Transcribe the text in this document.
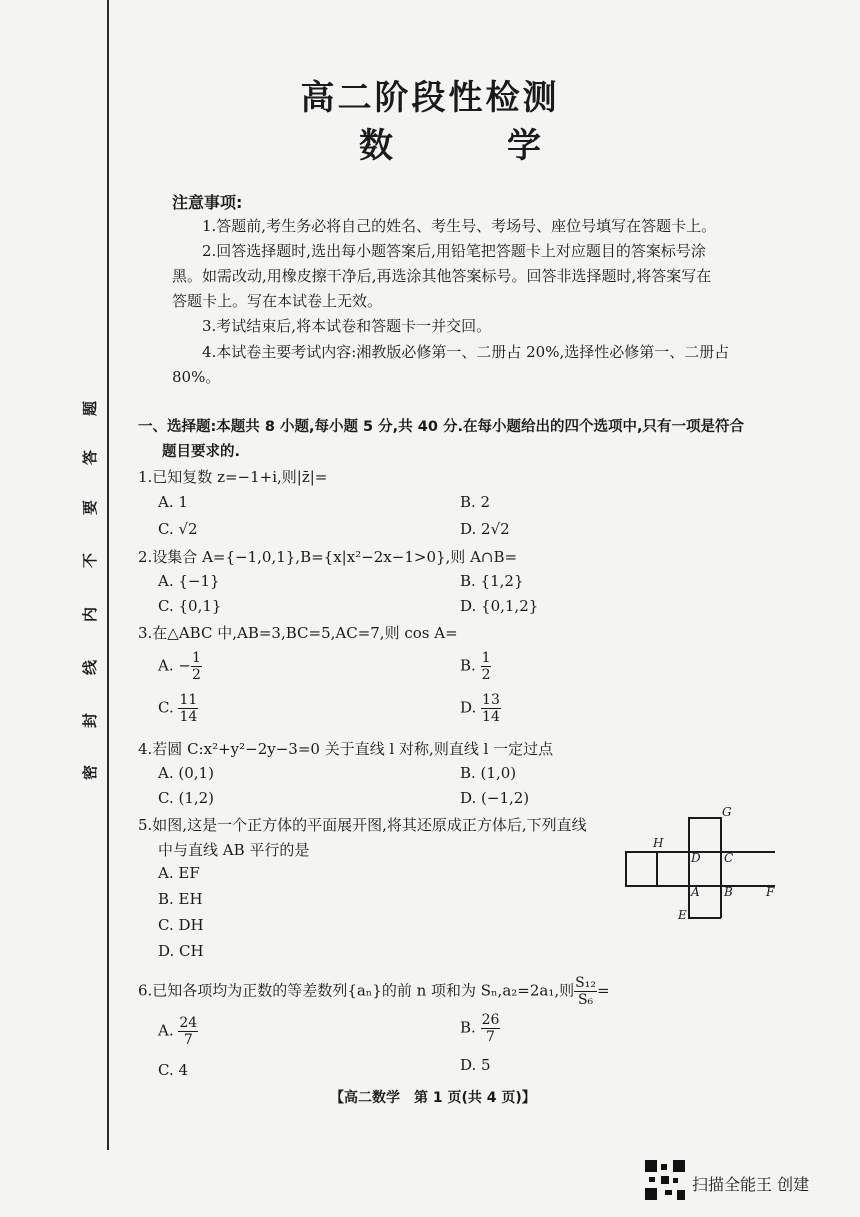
题
答
要
不
内
线
封
密
高二阶段性检测
数　学
注意事项:
1.答题前,考生务必将自己的姓名、考生号、考场号、座位号填写在答题卡上。
2.回答选择题时,选出每小题答案后,用铅笔把答题卡上对应题目的答案标号涂
黑。如需改动,用橡皮擦干净后,再选涂其他答案标号。回答非选择题时,将答案写在
答题卡上。写在本试卷上无效。
3.考试结束后,将本试卷和答题卡一并交回。
4.本试卷主要考试内容:湘教版必修第一、二册占 20%,选择性必修第一、二册占
80%。
一、选择题:本题共 8 小题,每小题 5 分,共 40 分.在每小题给出的四个选项中,只有一项是符合
题目要求的.
1.已知复数 z=−1+i,则|z̄|=
A. 1	B. 2
C. √2	D. 2√2
2.设集合 A={−1,0,1},B={x|x²−2x−1>0},则 A∩B=
A. {−1}	B. {1,2}
C. {0,1}	D. {0,1,2}
3.在△ABC 中,AB=3,BC=5,AC=7,则 cos A=
A. − $\frac{1}{2}$	B. $\frac{1}{2}$
C. $\frac{11}{14}$	D. $\frac{13}{14}$
4.若圆 C:x²+y²−2y−3=0 关于直线 l 对称,则直线 l 一定过点
A. (0,1)	B. (1,0)
C. (1,2)	D. (−1,2)
5.如图,这是一个正方体的平面展开图,将其还原成正方体后,下列直线
中与直线 AB 平行的是
A. EF
B. EH
C. DH
D. CH
G
H
D C
A B	F
E
6.已知各项均为正数的等差数列{aₙ}的前 n 项和为 Sₙ,a₂=2a₁,则 $\frac{\text{S₁₂}}{\text{S₆}}$ =
A. $\frac{24}{7}$	B. $\frac{26}{7}$
C. 4	D. 5
【高二数学　第 1 页(共 4 页)】
扫描全能王 创建
